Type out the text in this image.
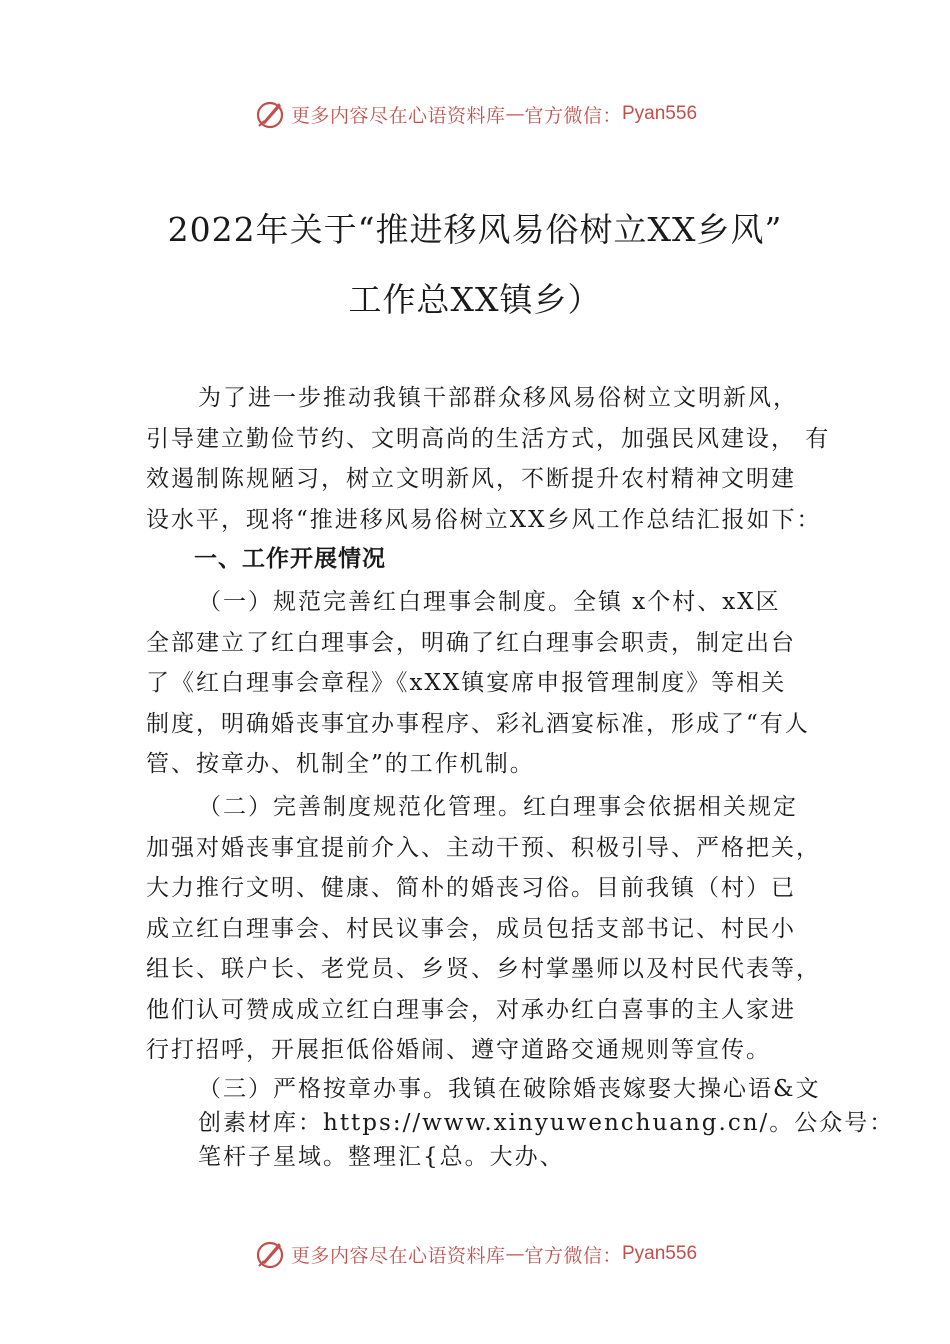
更多内容尽在心语资料库 — 官方微信： Pyan556
2022年关于“推进移风易俗树立XX乡风”
工作总XX镇乡）
为了进一步推动我镇干部群众移风易俗树立文明新风，
引导建立勤俭节约、文明高尚的生活方式，加强民风建设， 有
效遏制陈规陋习，树立文明新风，不断提升农村精神文明建
设水平，现将“推进移风易俗树立XX乡风工作总结汇报如下：
一、工作开展情况
（一）规范完善红白理事会制度。全镇 x个村、xX区
全部建立了红白理事会，明确了红白理事会职责，制定出台
了《红白理事会章程》《xXX镇宴席申报管理制度》等相关
制度，明确婚丧事宜办事程序、彩礼酒宴标准，形成了“有人
管、按章办、机制全”的工作机制。
（二）完善制度规范化管理。红白理事会依据相关规定
加强对婚丧事宜提前介入、主动干预、积极引导、严格把关，
大力推行文明、健康、简朴的婚丧习俗。目前我镇（村）已
成立红白理事会、村民议事会，成员包括支部书记、村民小
组长、联户长、老党员、乡贤、乡村掌墨师以及村民代表等，
他们认可赞成成立红白理事会，对承办红白喜事的主人家进
行打招呼，开展拒低俗婚闹、遵守道路交通规则等宣传。
（三）严格按章办事。我镇在破除婚丧嫁娶大操心语&文
创素材库：https://www.xinyuwenchuang.cn/。公众号：
笔杆子星域。整理汇{总。大办、
更多内容尽在心语资料库 — 官方微信： Pyan556
